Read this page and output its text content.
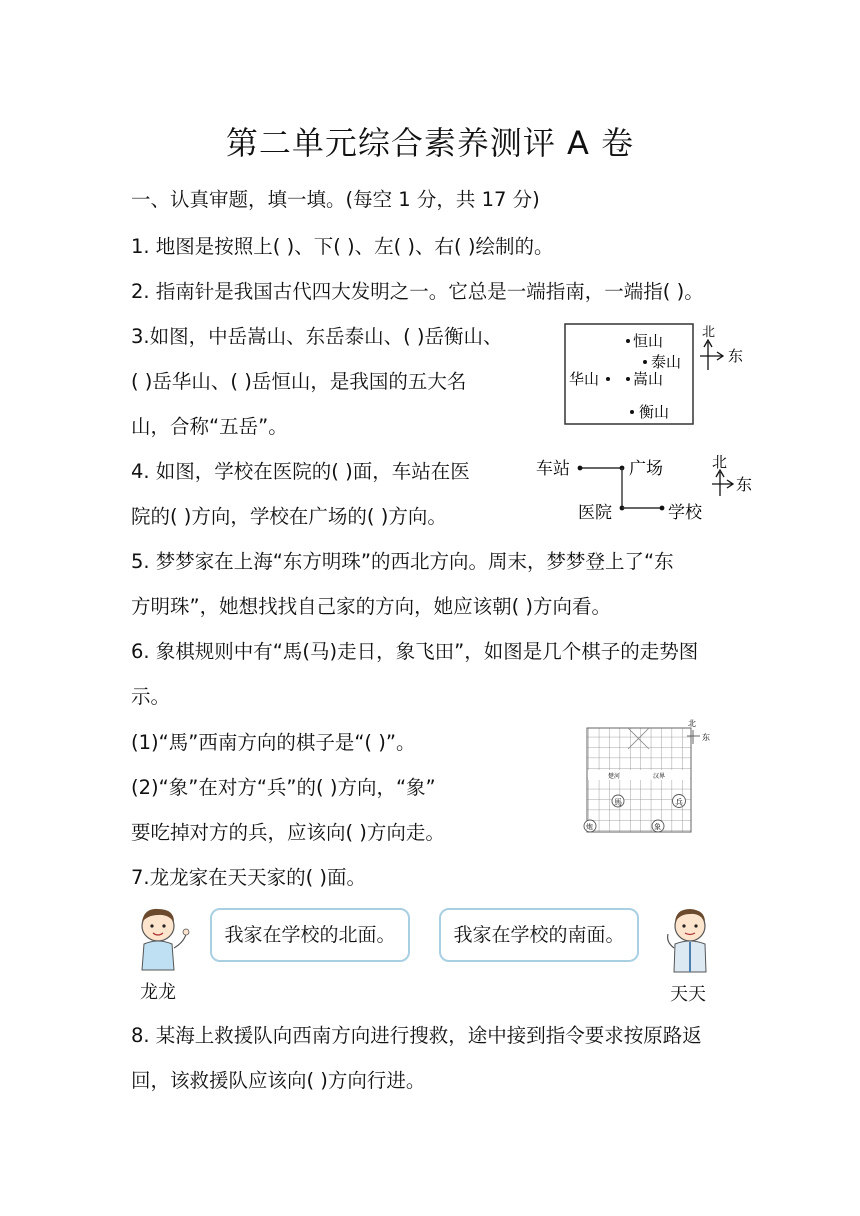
第二单元综合素养测评 A 卷
一、认真审题，填一填。(每空 1 分，共 17 分)
1. 地图是按照上( )、下( )、左( )、右( )绘制的。
2. 指南针是我国古代四大发明之一。它总是一端指南，一端指( )。
3.如图，中岳嵩山、东岳泰山、( )岳衡山、
( )岳华山、( )岳恒山，是我国的五大名
山，合称“五岳”。
恒山
泰山
华山 嵩山
衡山
北
东
4. 如图，学校在医院的( )面，车站在医
院的( )方向，学校在广场的( )方向。
车站	广场
医院	学校
北
东
5. 梦梦家在上海“东方明珠”的西北方向。周末，梦梦登上了“东
方明珠”，她想找找自己家的方向，她应该朝( )方向看。
6. 象棋规则中有“馬(马)走日，象飞田”，如图是几个棋子的走势图
示。
(1)“馬”西南方向的棋子是“( )”。
(2)“象”在对方“兵”的( )方向，“象”
要吃掉对方的兵，应该向( )方向走。
楚河	汉界
馬	兵
炮	象
北
东
7.龙龙家在天天家的( )面。
我家在学校的北面。
龙龙
我家在学校的南面。
天天
8. 某海上救援队向西南方向进行搜救，途中接到指令要求按原路返
回，该救援队应该向( )方向行进。
